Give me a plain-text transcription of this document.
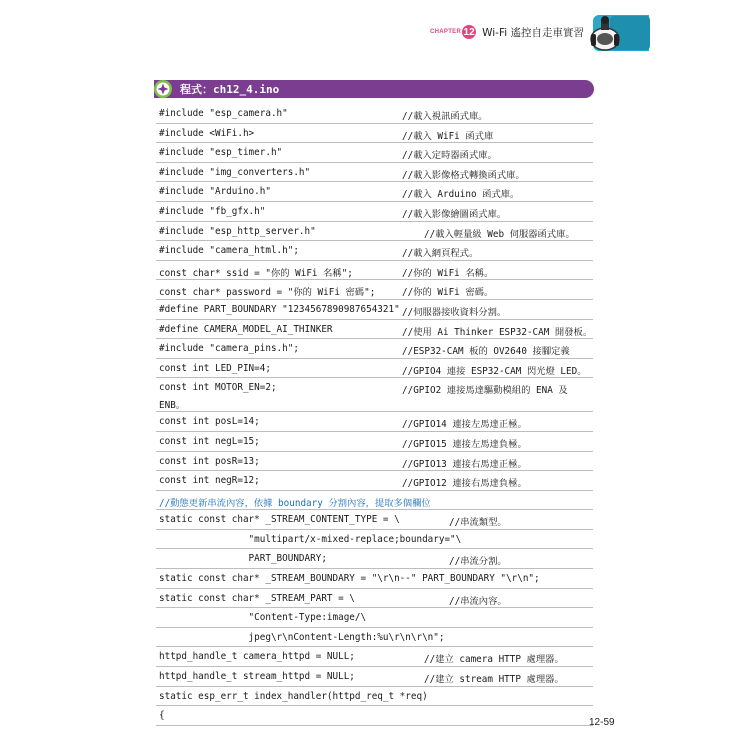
CHAPTER 12 Wi-Fi 遙控自走車實習
程式：ch12_4.ino
#include "esp_camera.h"	//載入視訊函式庫。
#include <WiFi.h>	//載入 WiFi 函式庫
#include "esp_timer.h"	//載入定時器函式庫。
#include "img_converters.h"	//載入影像格式轉換函式庫。
#include "Arduino.h"	//載入 Arduino 函式庫。
#include "fb_gfx.h"	//載入影像繪圖函式庫。
#include "esp_http_server.h"	//載入輕量級 Web 伺服器函式庫。
#include "camera_html.h";	//載入網頁程式。
const char* ssid = "你的 WiFi 名稱";	//你的 WiFi 名稱。
const char* password = "你的 WiFi 密碼";	//你的 WiFi 密碼。
#define PART_BOUNDARY "1234567890987654321" //伺服器接收資料分割。
#define CAMERA_MODEL_AI_THINKER	//使用 Ai Thinker ESP32-CAM 開發板。
#include "camera_pins.h";	//ESP32-CAM 板的 OV2640 接腳定義
const int LED_PIN=4;	//GPIO4 連接 ESP32-CAM 閃光燈 LED。
const int MOTOR_EN=2;	//GPIO2 連接馬達驅動模組的 ENA 及
ENB。
const int posL=14;	//GPIO14 連接左馬達正極。
const int negL=15;	//GPIO15 連接左馬達負極。
const int posR=13;	//GPIO13 連接右馬達正極。
const int negR=12;	//GPIO12 連接右馬達負極。
//動態更新串流內容，依據 boundary 分割內容，提取多個欄位
static const char* _STREAM_CONTENT_TYPE = \	//串流類型。
"multipart/x-mixed-replace;boundary="\
PART_BOUNDARY;	//串流分割。
static const char* _STREAM_BOUNDARY = "\r\n--" PART_BOUNDARY "\r\n";
static const char* _STREAM_PART = \	//串流內容。
"Content-Type:image/\
jpeg\r\nContent-Length:%u\r\n\r\n";
httpd_handle_t camera_httpd = NULL;	//建立 camera HTTP 處理器。
httpd_handle_t stream_httpd = NULL;	//建立 stream HTTP 處理器。
static esp_err_t index_handler(httpd_req_t *req)
{
12-59
